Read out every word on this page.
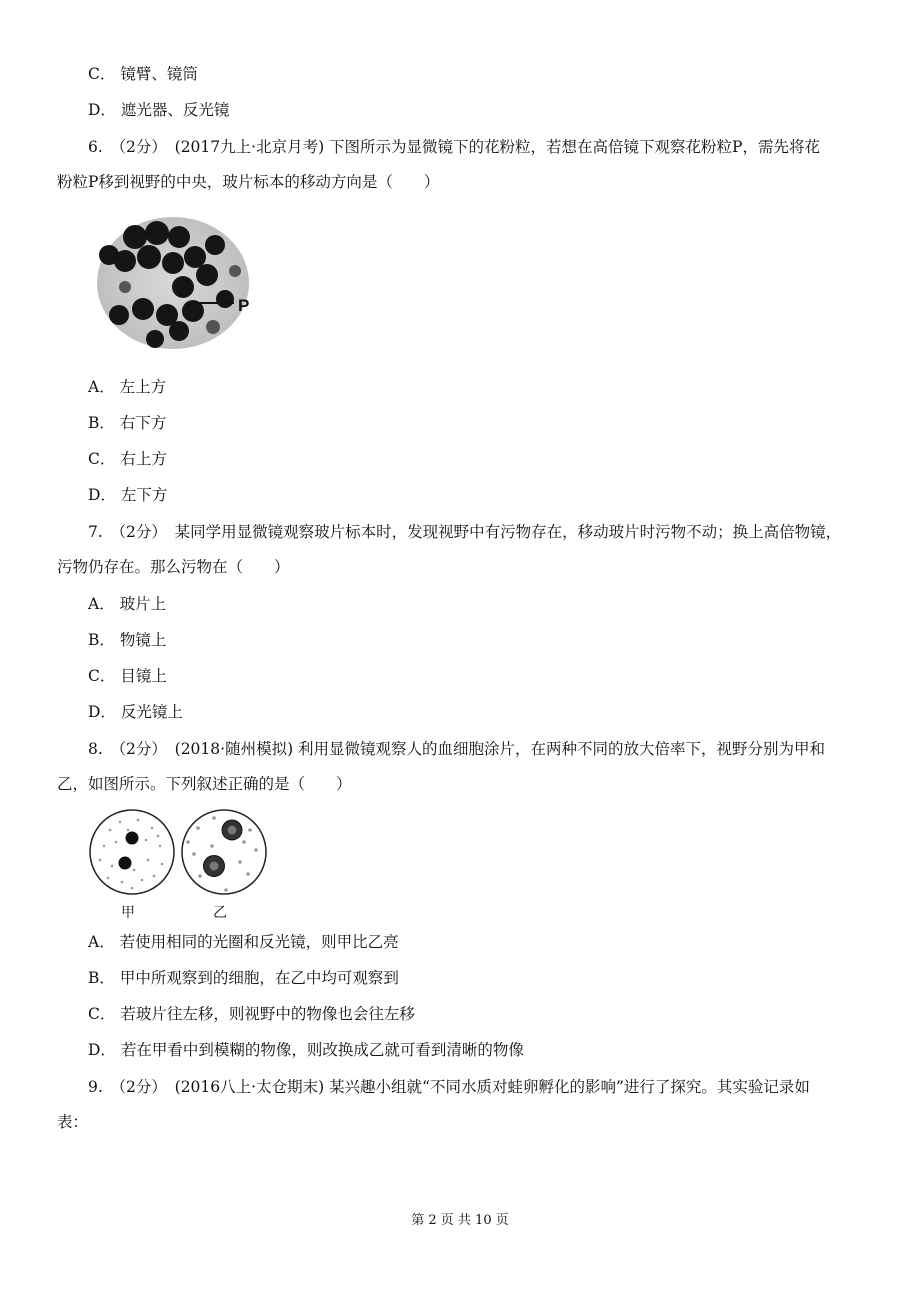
C． 镜臂、镜筒
D． 遮光器、反光镜
6.　（2分）　(2017九上·北京月考) 下图所示为显微镜下的花粉粒，若想在高倍镜下观察花粉粒P，需先将花
粉粒P移到视野的中央，玻片标本的移动方向是（　　）
P
A． 左上方
B． 右下方
C． 右上方
D． 左下方
7.　（2分）　某同学用显微镜观察玻片标本时，发现视野中有污物存在，移动玻片时污物不动；换上高倍物镜，
污物仍存在。那么污物在（　　）
A． 玻片上
B． 物镜上
C． 目镜上
D． 反光镜上
8.　（2分）　(2018·随州模拟) 利用显微镜观察人的血细胞涂片，在两种不同的放大倍率下，视野分别为甲和
乙，如图所示。下列叙述正确的是（　　）
甲	乙
A． 若使用相同的光圈和反光镜，则甲比乙亮
B． 甲中所观察到的细胞，在乙中均可观察到
C． 若玻片往左移，则视野中的物像也会往左移
D． 若在甲看中到模糊的物像，则改换成乙就可看到清晰的物像
9.　（2分）　(2016八上·太仓期末) 某兴趣小组就“不同水质对蛙卵孵化的影响”进行了探究。其实验记录如
表：
第 2 页 共 10 页
